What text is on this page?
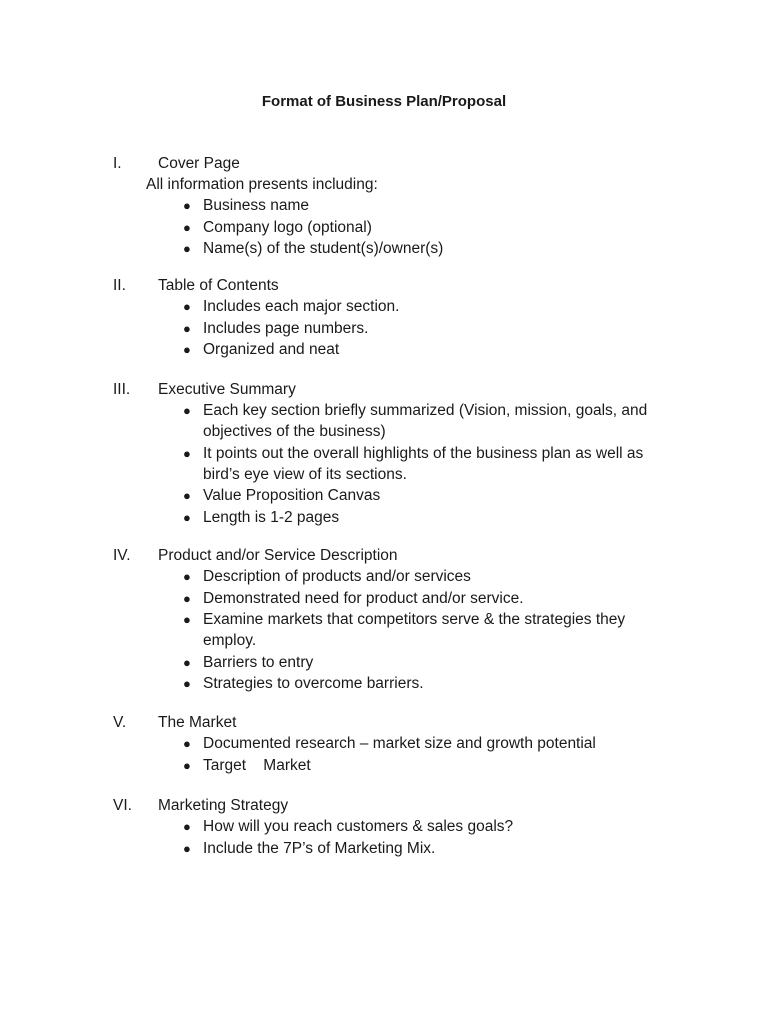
Format of Business Plan/Proposal
I. Cover Page
All information presents including:
● Business name
● Company logo (optional)
● Name(s) of the student(s)/owner(s)
II. Table of Contents
● Includes each major section.
● Includes page numbers.
● Organized and neat
III. Executive Summary
● Each key section briefly summarized (Vision, mission, goals, and objectives of the business)
● It points out the overall highlights of the business plan as well as bird’s eye view of its sections.
● Value Proposition Canvas
● Length is 1-2 pages
IV. Product and/or Service Description
● Description of products and/or services
● Demonstrated need for product and/or service.
● Examine markets that competitors serve & the strategies they employ.
● Barriers to entry
● Strategies to overcome barriers.
V. The Market
● Documented research – market size and growth potential
● Target    Market
VI. Marketing Strategy
● How will you reach customers & sales goals?
● Include the 7P’s of Marketing Mix.
